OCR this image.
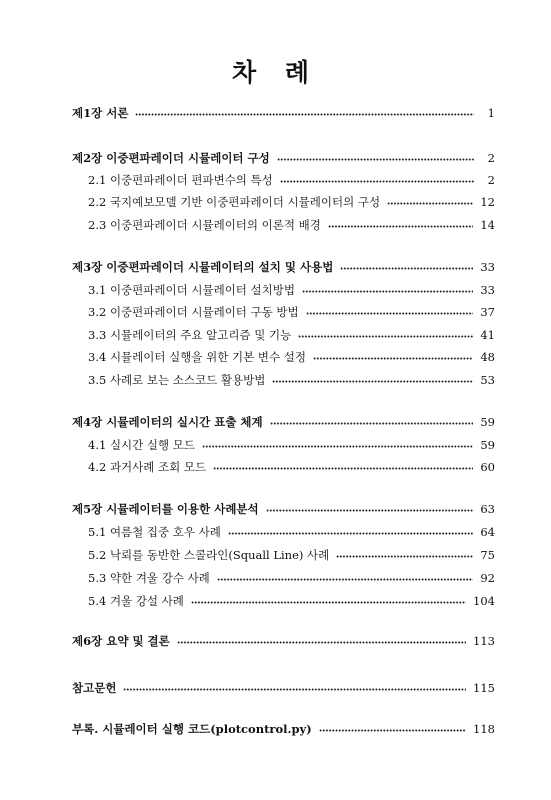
차 례
제1장 서론	1
제2장 이중편파레이더 시뮬레이터 구성	2
2.1 이중편파레이더 편파변수의 특성	2
2.2 국지예보모델 기반 이중편파레이더 시뮬레이터의 구성	12
2.3 이중편파레이더 시뮬레이터의 이론적 배경	14
제3장 이중편파레이더 시뮬레이터의 설치 및 사용법	33
3.1 이중편파레이더 시뮬레이터 설치방법	33
3.2 이중편파레이더 시뮬레이터 구동 방법	37
3.3 시뮬레이터의 주요 알고리즘 및 기능	41
3.4 시뮬레이터 실행을 위한 기본 변수 설정	48
3.5 사례로 보는 소스코드 활용방법	53
제4장 시뮬레이터의 실시간 표출 체계	59
4.1 실시간 실행 모드	59
4.2 과거사례 조회 모드	60
제5장 시뮬레이터를 이용한 사례분석	63
5.1 여름철 집중 호우 사례	64
5.2 낙뢰를 동반한 스콜라인(Squall Line) 사례	75
5.3 약한 겨울 강수 사례	92
5.4 겨울 강설 사례	104
제6장 요약 및 결론	113
참고문헌	115
부록. 시뮬레이터 실행 코드(plotcontrol.py)	118
